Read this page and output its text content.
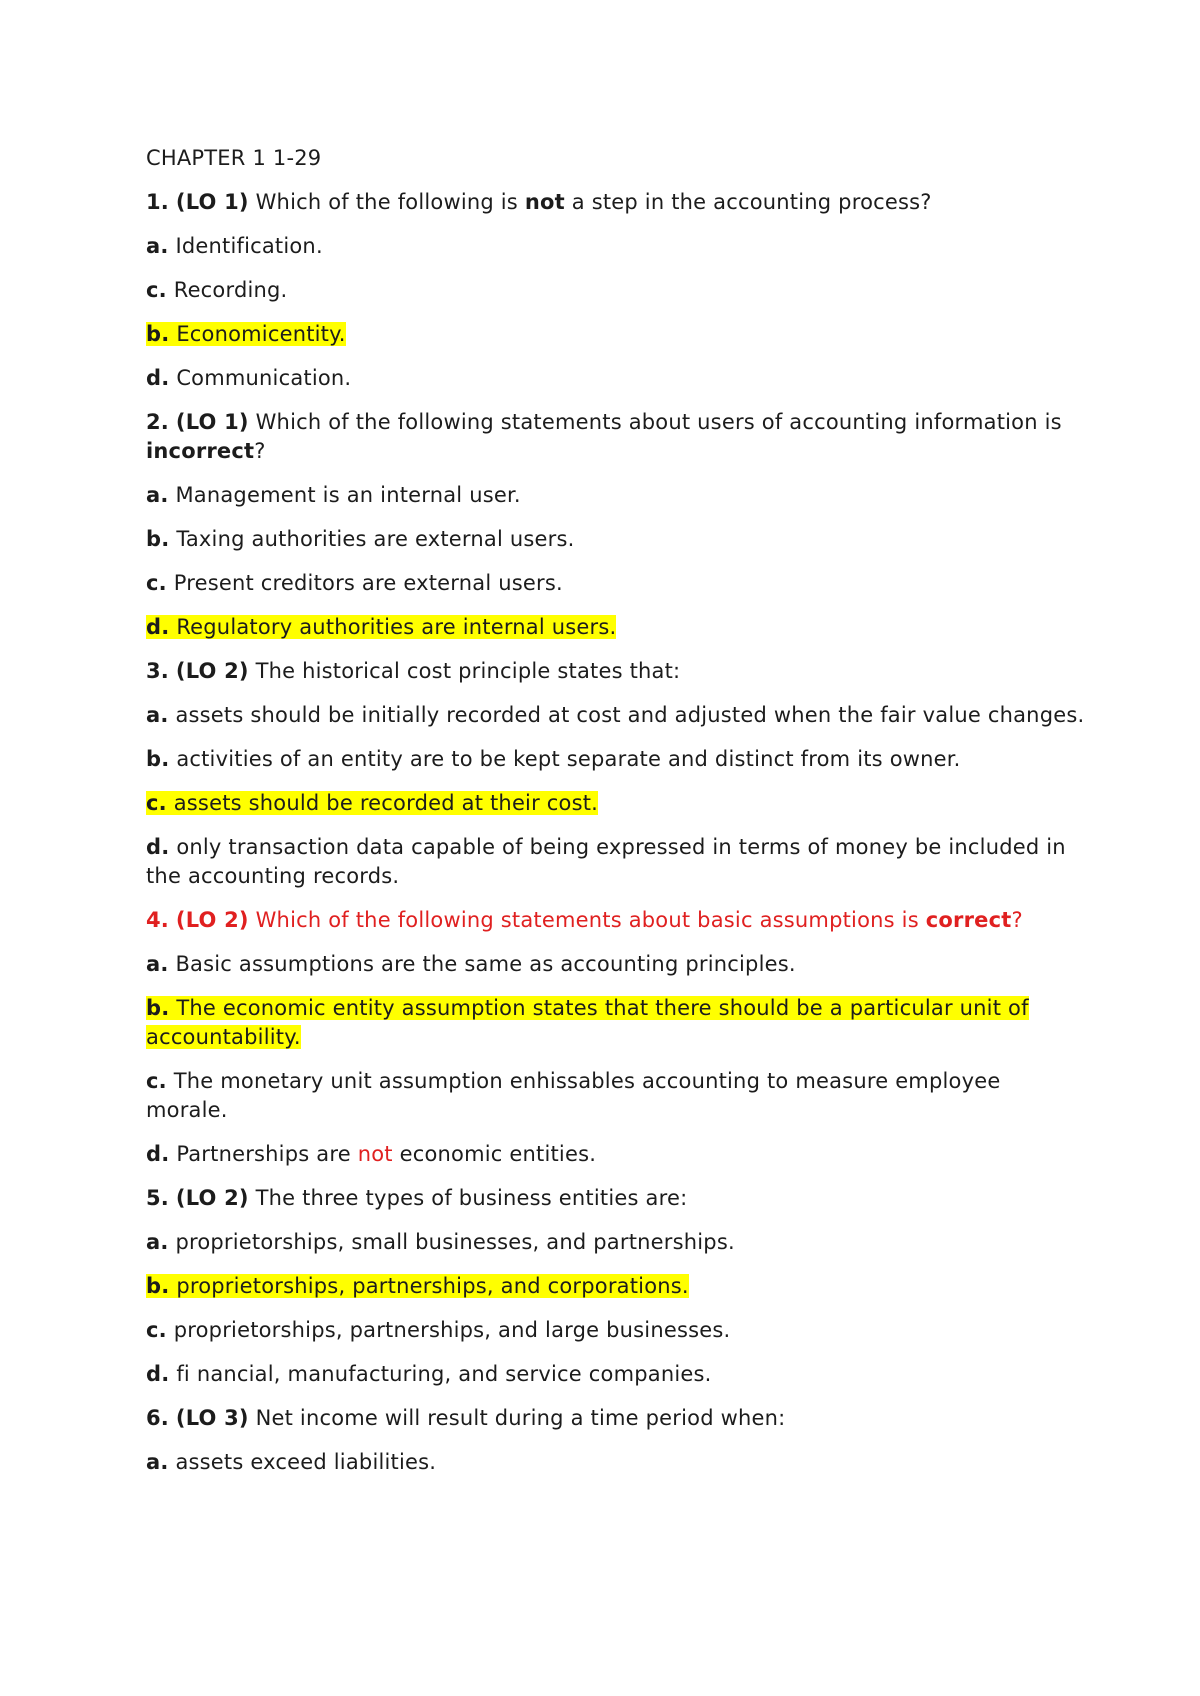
CHAPTER 1 1-29

1. (LO 1) Which of the following is not a step in the accounting process?

a. Identification.

c. Recording.

b. Economicentity.

d. Communication.

2. (LO 1) Which of the following statements about users of accounting information is incorrect?

a. Management is an internal user.

b. Taxing authorities are external users.

c. Present creditors are external users.

d. Regulatory authorities are internal users.

3. (LO 2) The historical cost principle states that:

a. assets should be initially recorded at cost and adjusted when the fair value changes.

b. activities of an entity are to be kept separate and distinct from its owner.

c. assets should be recorded at their cost.

d. only transaction data capable of being expressed in terms of money be included in the accounting records.

4. (LO 2) Which of the following statements about basic assumptions is correct?

a. Basic assumptions are the same as accounting principles.

b. The economic entity assumption states that there should be a particular unit of accountability.

c. The monetary unit assumption enhissables accounting to measure employee morale.

d. Partnerships are not economic entities.

5. (LO 2) The three types of business entities are:

a. proprietorships, small businesses, and partnerships.

b. proprietorships, partnerships, and corporations.

c. proprietorships, partnerships, and large businesses.

d. fi nancial, manufacturing, and service companies.

6. (LO 3) Net income will result during a time period when:

a. assets exceed liabilities.
